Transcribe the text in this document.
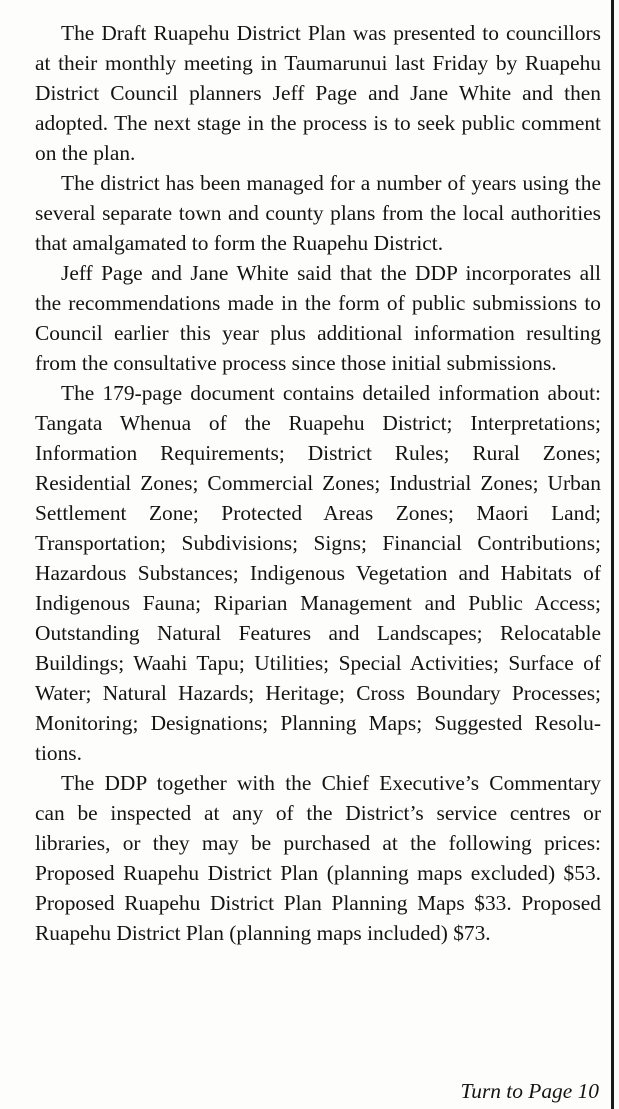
The Draft Ruapehu District Plan was presented to councillors at their monthly meeting in Taumarunui last Friday by Ruapehu District Council planners Jeff Page and Jane White and then adopted. The next stage in the process is to seek public comment on the plan.

The district has been managed for a number of years using the several separate town and county plans from the local authorities that amalgamated to form the Ruapehu District.

Jeff Page and Jane White said that the DDP incorporates all the recommendations made in the form of public submissions to Council earlier this year plus additional information resulting from the consultative process since those initial submissions.

The 179-page document contains detailed information about: Tangata Whenua of the Ruapehu District; Interpretations; Information Requirements; District Rules; Rural Zones; Residential Zones; Commercial Zones; Industrial Zones; Urban Settlement Zone; Protected Areas Zones; Maori Land; Transportation; Subdivisions; Signs; Financial Contributions; Hazardous Substances; Indigenous Vegetation and Habitats of Indigenous Fauna; Riparian Management and Public Access; Outstanding Natural Features and Landscapes; Relocatable Buildings; Waahi Tapu; Utilities; Special Activities; Surface of Water; Natural Hazards; Heritage; Cross Boundary Processes; Monitoring; Designations; Planning Maps; Suggested Resolutions.

The DDP together with the Chief Executive’s Commentary can be inspected at any of the District’s service centres or libraries, or they may be purchased at the following prices: Proposed Ruapehu District Plan (planning maps excluded) $53. Proposed Ruapehu District Plan Planning Maps $33. Proposed Ruapehu District Plan (planning maps included) $73.

Turn to Page 10
